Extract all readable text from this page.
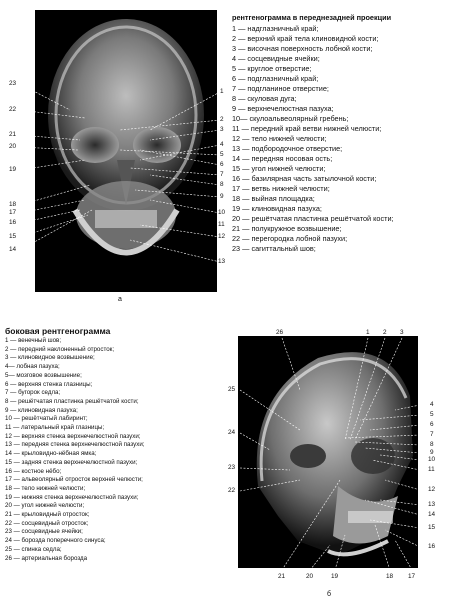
а
23
22
21
20
19
18
17
16
15
14
1
2
3
4
5
6
7
8
9
10
11
12
13
рентгенограмма в переднезадней проекции
1 — надглазничный край;
2 — верхний край тела клиновидной кости;
3 — височная поверхность лобной кости;
4 — сосцевидные ячейки;
5 — круглое отверстие;
6 — подглазничный край;
7 — подгланиное отверстие;
8 — скуловая дуга;
9 — верхнечелюстная пазуха;
10— скулоальвеолярный гребень;
11 — передний край ветви нижней челюсти;
12 — тело нижней челюсти;
13 — подбородочное отверстие;
14 — передняя носовая ость;
15 — угол нижней челюсти;
16 — базилярная часть затылочной кости;
17 — ветвь нижней челюсти;
18 — выйная площадка;
19 — клиновидная пазуха;
20 — решётчатая пластинка решётчатой кости;
21 — полукружное возвышение;
22 — перегородка лобной пазухи;
23 — сагиттальный шов;
боковая рентгенограмма
1 — венечный шов;
2 — передний наклоненный отросток;
3 — клиновидное возвышение;
4— лобная пазуха;
5— мозговое возвышение;
6 — верхняя стенка глазницы;
7 — бугорок седла;
8 — решётчатая пластинка решётчатой кости;
9 — клиновидная пазуха;
10 — решётчатый лабиринт;
11 — латеральный край глазницы;
12 — верхняя стенка верхнечелюстной пазухи;
13 — передняя стенка верхнечелюстной пазухи;
14 — крыловидно-нёбная ямка;
15 — задняя стенка верхнечелюстной пазухи;
16 — костное нёбо;
17 — альвеолярный отросток верхней челюсти;
18 — тело нижней челюсти;
19 — нижняя стенка верхнечелюстной пазухи;
20 — угол нижней челюсти;
21 — крыловидный отросток;
22 — сосцевидный отросток;
23 — сосцевидные ячейки;
24 — борозда поперечного синуса;
25 — спинка седла;
26 — артериальная борозда
26	1 2 3
4
5
6
7
8
9
10
11
12
13
14
15
16
25
24
23
22
21	20	19	18 17
б
